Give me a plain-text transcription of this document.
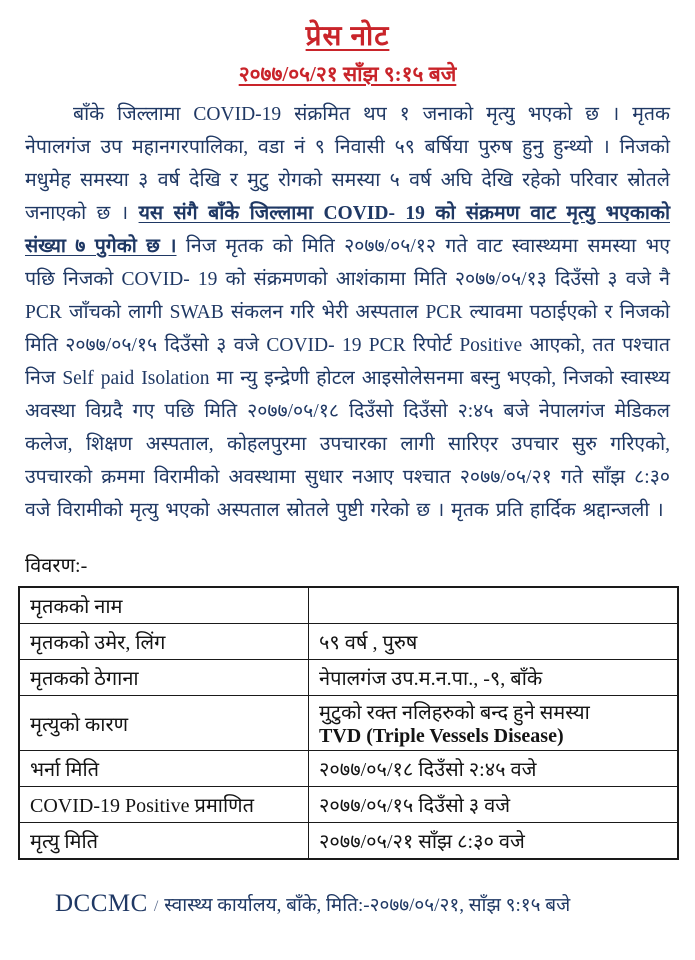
प्रेस नोट
२०७७/०५/२१ साँझ ९:१५ बजे

बाँके जिल्लामा COVID-19 संक्रमित थप १ जनाको मृत्यु भएको छ । मृतक नेपालगंज उप महानगरपालिका, वडा नं ९ निवासी ५९ बर्षिया पुरुष हुनु हुन्थ्यो । निजको मधुमेह समस्या ३ वर्ष देखि र मुटु रोगको समस्या ५ वर्ष अघि देखि रहेको परिवार स्रोतले जनाएको छ । यस संगै बाँके जिल्लामा COVID- 19 को संक्रमण वाट मृत्यु भएकाको संख्या ७ पुगेको छ । निज मृतक को मिति २०७७/०५/१२ गते वाट स्वास्थ्यमा समस्या भए पछि निजको COVID- 19 को संक्रमणको आशंकामा मिति २०७७/०५/१३ दिउँसो ३ वजे नै PCR जाँचको लागी SWAB संकलन गरि भेरी अस्पताल PCR ल्यावमा पठाईएको र निजको मिति २०७७/०५/१५ दिउँसो ३ वजे COVID- 19 PCR रिपोर्ट Positive आएको, तत पश्चात निज Self paid Isolation मा न्यु इन्द्रेणी होटल आइसोलेसनमा बस्नु भएको, निजको स्वास्थ्य अवस्था विग्रदै गए पछि मिति २०७७/०५/१८ दिउँसो दिउँसो २:४५ बजे नेपालगंज मेडिकल कलेज, शिक्षण अस्पताल, कोहलपुरमा उपचारका लागी सारिएर उपचार सुरु गरिएको, उपचारको क्रममा विरामीको अवस्थामा सुधार नआए पश्चात २०७७/०५/२१ गते साँझ ८:३० वजे विरामीको मृत्यु भएको अस्पताल स्रोतले पुष्टी गरेको छ । मृतक प्रति हार्दिक श्रद्दान्जली ।

विवरण:-
मृतकको नाम	

मृतकको उमेर, लिंग	५९ वर्ष , पुरुष

मृतकको ठेगाना	नेपालगंज उप.म.न.पा., -९, बाँके

मृत्युको कारण	मुटुको रक्त नलिहरुको बन्द हुने समस्या
TVD (Triple Vessels Disease)

भर्ना मिति	२०७७/०५/१८ दिउँसो २:४५ वजे

COVID-19 Positive प्रमाणित	२०७७/०५/१५ दिउँसो ३ वजे

मृत्यु मिति	२०७७/०५/२१ साँझ ८:३० वजे
DCCMC / स्वास्थ्य कार्यालय, बाँके, मिति:-२०७७/०५/२१, साँझ ९:१५ बजे
